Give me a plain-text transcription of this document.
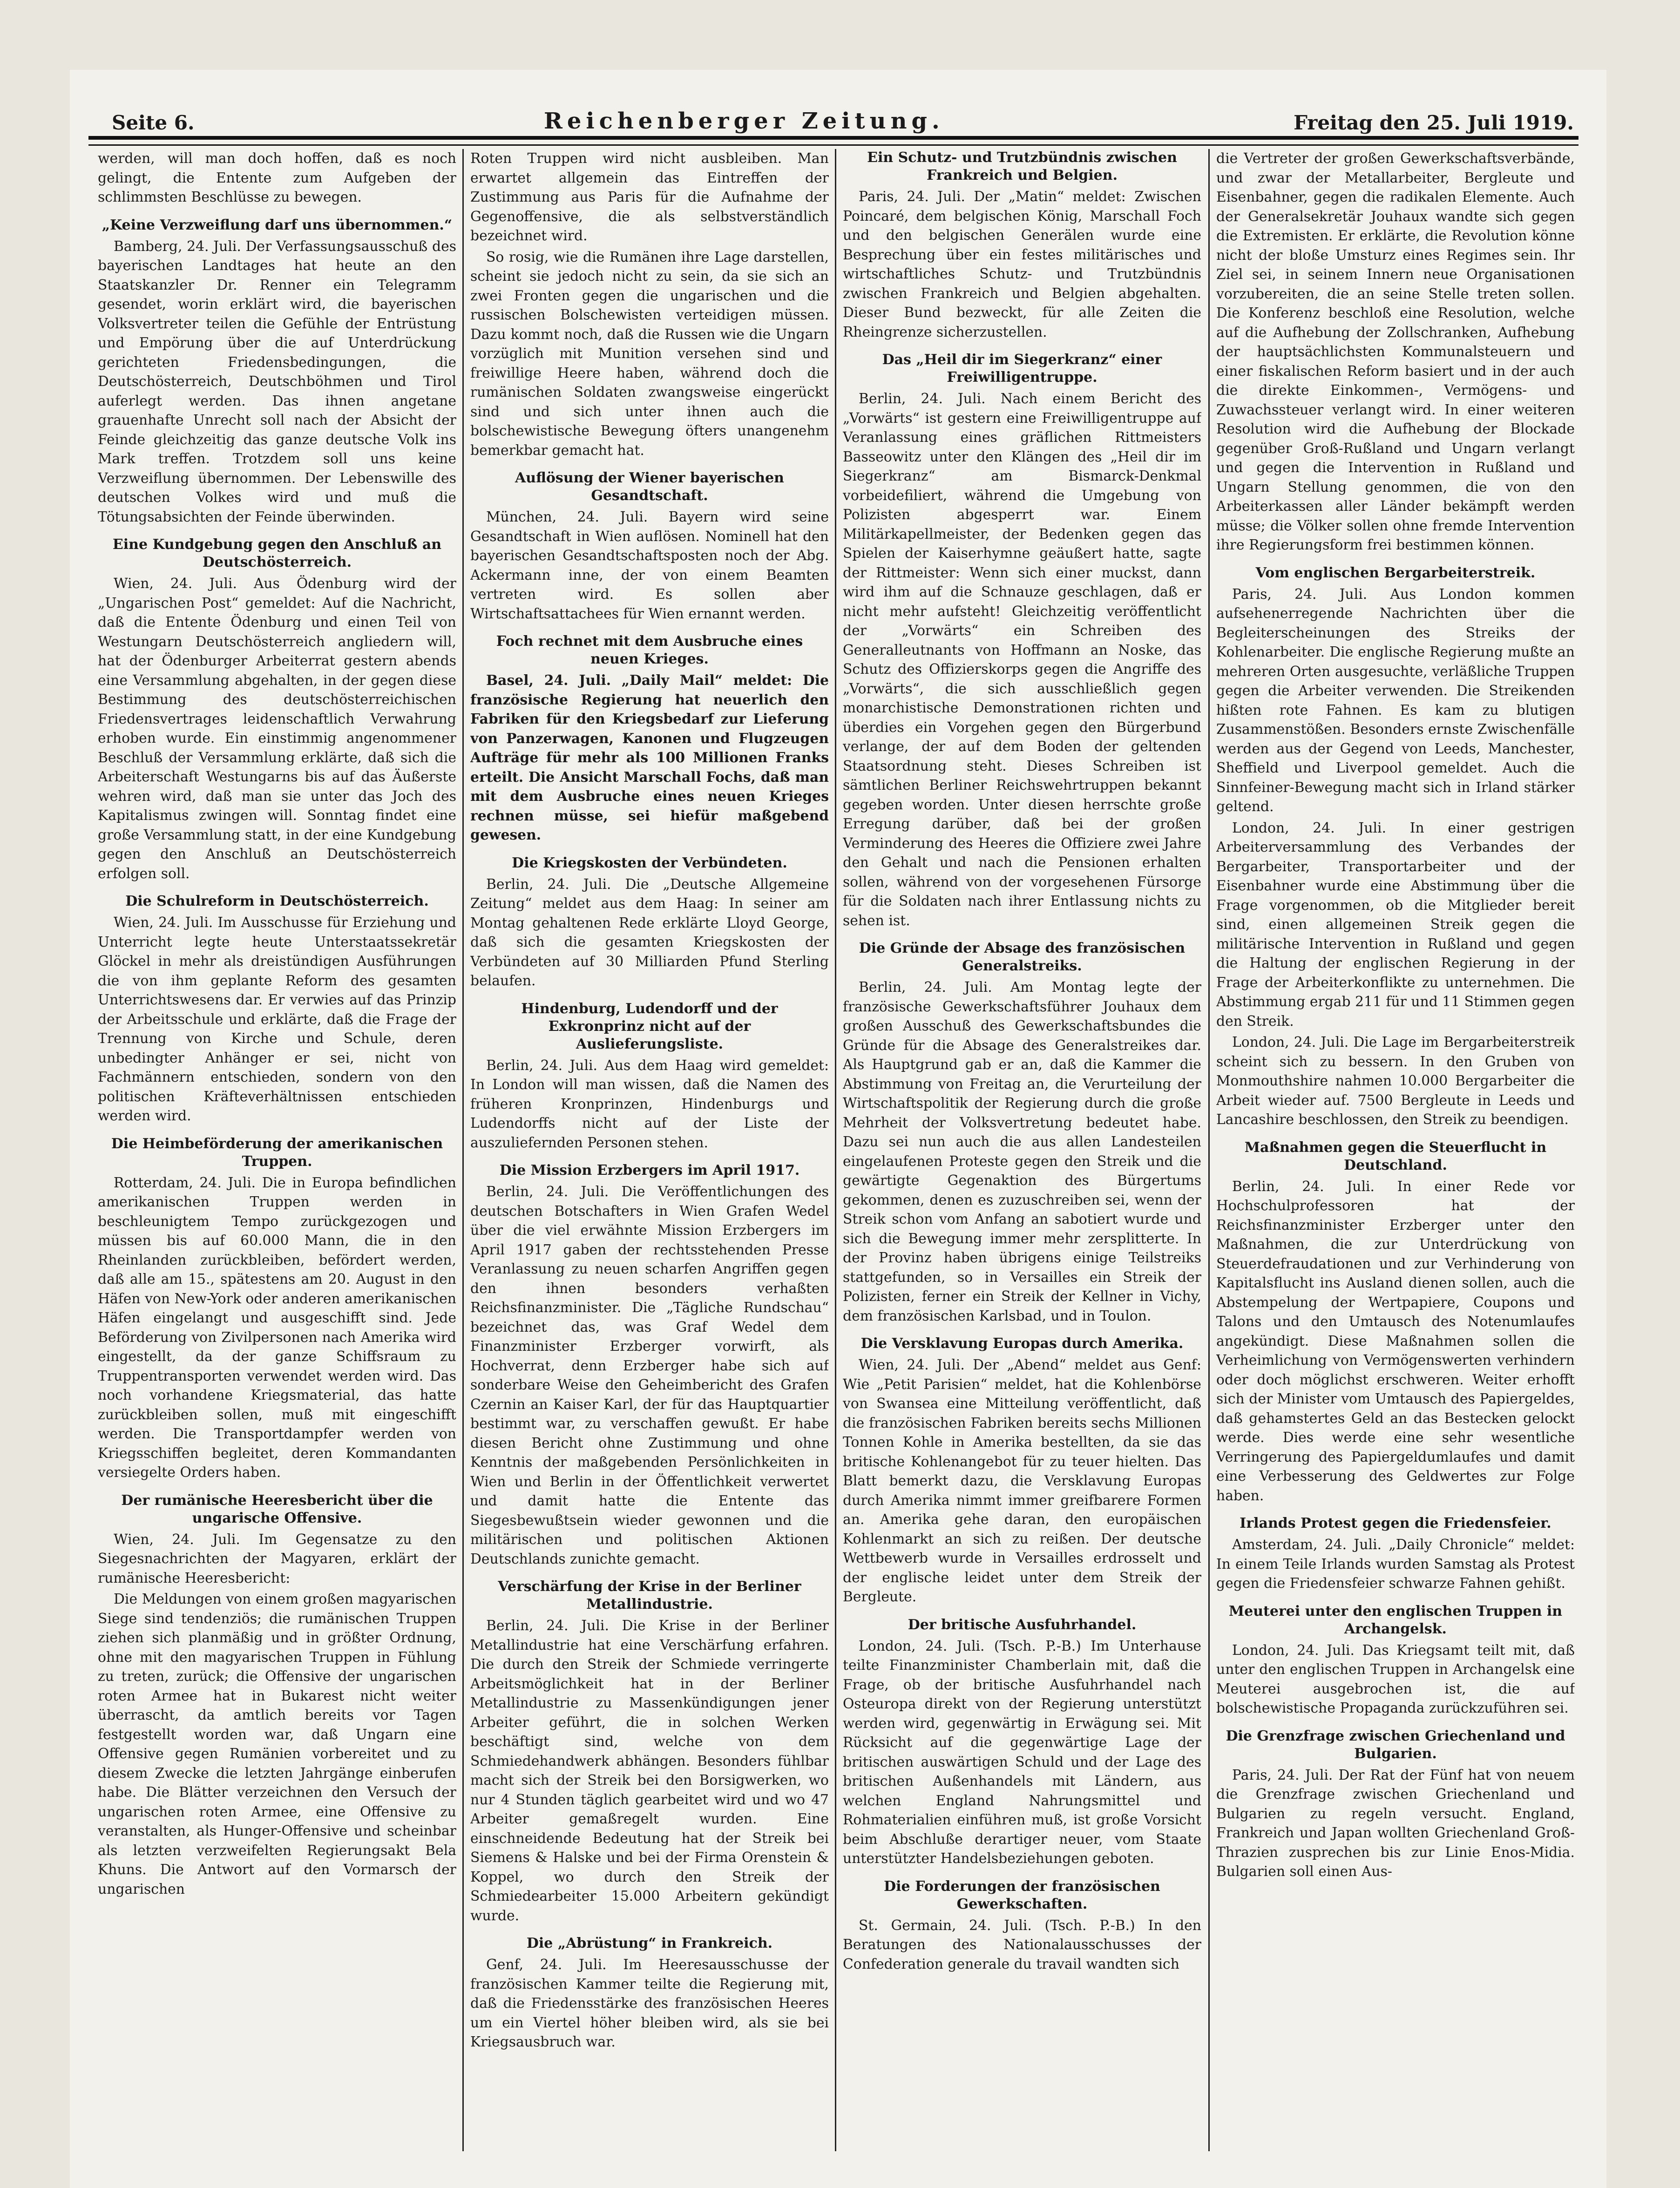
Seite 6.	Reichenberger Zeitung.	Freitag den 25. Juli 1919.

werden, will man doch hoffen, daß es noch gelingt, die Entente zum Aufgeben der schlimmsten Beschlüsse zu bewegen.

„Keine Verzweiflung darf uns übernommen.“

Bamberg, 24. Juli. Der Verfassungsausschuß des bayerischen Landtages hat heute an den Staatskanzler Dr. Renner ein Telegramm gesendet, worin erklärt wird, die bayerischen Volksvertreter teilen die Gefühle der Entrüstung und Empörung über die auf Unterdrückung gerichteten Friedensbedingungen, die Deutschösterreich, Deutschböhmen und Tirol auferlegt werden. Das ihnen angetane grauenhafte Unrecht soll nach der Absicht der Feinde gleichzeitig das ganze deutsche Volk ins Mark treffen. Trotzdem soll uns keine Verzweiflung übernommen. Der Lebenswille des deutschen Volkes wird und muß die Tötungsabsichten der Feinde überwinden.

Eine Kundgebung gegen den Anschluß an Deutschösterreich.

Wien, 24. Juli. Aus Ödenburg wird der „Ungarischen Post“ gemeldet: Auf die Nachricht, daß die Entente Ödenburg und einen Teil von Westungarn Deutschösterreich angliedern will, hat der Ödenburger Arbeiterrat gestern abends eine Versammlung abgehalten, in der gegen diese Bestimmung des deutschösterreichischen Friedensvertrages leidenschaftlich Verwahrung erhoben wurde. Ein einstimmig angenommener Beschluß der Versammlung erklärte, daß sich die Arbeiterschaft Westungarns bis auf das Äußerste wehren wird, daß man sie unter das Joch des Kapitalismus zwingen will. Sonntag findet eine große Versammlung statt, in der eine Kundgebung gegen den Anschluß an Deutschösterreich erfolgen soll.

Die Schulreform in Deutschösterreich.

Wien, 24. Juli. Im Ausschusse für Erziehung und Unterricht legte heute Unterstaatssekretär Glöckel in mehr als dreistündigen Ausführungen die von ihm geplante Reform des gesamten Unterrichtswesens dar. Er verwies auf das Prinzip der Arbeitsschule und erklärte, daß die Frage der Trennung von Kirche und Schule, deren unbedingter Anhänger er sei, nicht von Fachmännern entschieden, sondern von den politischen Kräfteverhältnissen entschieden werden wird.

Die Heimbeförderung der amerikanischen Truppen.

Rotterdam, 24. Juli. Die in Europa befindlichen amerikanischen Truppen werden in beschleunigtem Tempo zurückgezogen und müssen bis auf 60.000 Mann, die in den Rheinlanden zurückbleiben, befördert werden, daß alle am 15., spätestens am 20. August in den Häfen von New-York oder anderen amerikanischen Häfen eingelangt und ausgeschifft sind. Jede Beförderung von Zivilpersonen nach Amerika wird eingestellt, da der ganze Schiffsraum zu Truppentransporten verwendet werden wird. Das noch vorhandene Kriegsmaterial, das hatte zurückbleiben sollen, muß mit eingeschifft werden. Die Transportdampfer werden von Kriegsschiffen begleitet, deren Kommandanten versiegelte Orders haben.

Der rumänische Heeresbericht über die ungarische Offensive.

Wien, 24. Juli. Im Gegensatze zu den Siegesnachrichten der Magyaren, erklärt der rumänische Heeresbericht:

Die Meldungen von einem großen magyarischen Siege sind tendenziös; die rumänischen Truppen ziehen sich planmäßig und in größter Ordnung, ohne mit den magyarischen Truppen in Fühlung zu treten, zurück; die Offensive der ungarischen roten Armee hat in Bukarest nicht weiter überrascht, da amtlich bereits vor Tagen festgestellt worden war, daß Ungarn eine Offensive gegen Rumänien vorbereitet und zu diesem Zwecke die letzten Jahrgänge einberufen habe. Die Blätter verzeichnen den Versuch der ungarischen roten Armee, eine Offensive zu veranstalten, als Hunger-Offensive und scheinbar als letzten verzweifelten Regierungsakt Bela Khuns. Die Antwort auf den Vormarsch der ungarischen

Roten Truppen wird nicht ausbleiben. Man erwartet allgemein das Eintreffen der Zustimmung aus Paris für die Aufnahme der Gegenoffensive, die als selbstverständlich bezeichnet wird.

So rosig, wie die Rumänen ihre Lage darstellen, scheint sie jedoch nicht zu sein, da sie sich an zwei Fronten gegen die ungarischen und die russischen Bolschewisten verteidigen müssen. Dazu kommt noch, daß die Russen wie die Ungarn vorzüglich mit Munition versehen sind und freiwillige Heere haben, während doch die rumänischen Soldaten zwangsweise eingerückt sind und sich unter ihnen auch die bolschewistische Bewegung öfters unangenehm bemerkbar gemacht hat.

Auflösung der Wiener bayerischen Gesandtschaft.

München, 24. Juli. Bayern wird seine Gesandtschaft in Wien auflösen. Nominell hat den bayerischen Gesandtschaftsposten noch der Abg. Ackermann inne, der von einem Beamten vertreten wird. Es sollen aber Wirtschaftsattachees für Wien ernannt werden.

Foch rechnet mit dem Ausbruche eines neuen Krieges.

Basel, 24. Juli. „Daily Mail“ meldet: Die französische Regierung hat neuerlich den Fabriken für den Kriegsbedarf zur Lieferung von Panzerwagen, Kanonen und Flugzeugen Aufträge für mehr als 100 Millionen Franks erteilt. Die Ansicht Marschall Fochs, daß man mit dem Ausbruche eines neuen Krieges rechnen müsse, sei hiefür maßgebend gewesen.

Die Kriegskosten der Verbündeten.

Berlin, 24. Juli. Die „Deutsche Allgemeine Zeitung“ meldet aus dem Haag: In seiner am Montag gehaltenen Rede erklärte Lloyd George, daß sich die gesamten Kriegskosten der Verbündeten auf 30 Milliarden Pfund Sterling belaufen.

Hindenburg, Ludendorff und der Exkronprinz nicht auf der Auslieferungsliste.

Berlin, 24. Juli. Aus dem Haag wird gemeldet: In London will man wissen, daß die Namen des früheren Kronprinzen, Hindenburgs und Ludendorffs nicht auf der Liste der auszuliefernden Personen stehen.

Die Mission Erzbergers im April 1917.

Berlin, 24. Juli. Die Veröffentlichungen des deutschen Botschafters in Wien Grafen Wedel über die viel erwähnte Mission Erzbergers im April 1917 gaben der rechtsstehenden Presse Veranlassung zu neuen scharfen Angriffen gegen den ihnen besonders verhaßten Reichsfinanzminister. Die „Tägliche Rundschau“ bezeichnet das, was Graf Wedel dem Finanzminister Erzberger vorwirft, als Hochverrat, denn Erzberger habe sich auf sonderbare Weise den Geheimbericht des Grafen Czernin an Kaiser Karl, der für das Hauptquartier bestimmt war, zu verschaffen gewußt. Er habe diesen Bericht ohne Zustimmung und ohne Kenntnis der maßgebenden Persönlichkeiten in Wien und Berlin in der Öffentlichkeit verwertet und damit hatte die Entente das Siegesbewußtsein wieder gewonnen und die militärischen und politischen Aktionen Deutschlands zunichte gemacht.

Verschärfung der Krise in der Berliner Metallindustrie.

Berlin, 24. Juli. Die Krise in der Berliner Metallindustrie hat eine Verschärfung erfahren. Die durch den Streik der Schmiede verringerte Arbeitsmöglichkeit hat in der Berliner Metallindustrie zu Massenkündigungen jener Arbeiter geführt, die in solchen Werken beschäftigt sind, welche von dem Schmiedehandwerk abhängen. Besonders fühlbar macht sich der Streik bei den Borsigwerken, wo nur 4 Stunden täglich gearbeitet wird und wo 47 Arbeiter gemaßregelt wurden. Eine einschneidende Bedeutung hat der Streik bei Siemens & Halske und bei der Firma Orenstein & Koppel, wo durch den Streik der Schmiedearbeiter 15.000 Arbeitern gekündigt wurde.

Die „Abrüstung“ in Frankreich.

Genf, 24. Juli. Im Heeresausschusse der französischen Kammer teilte die Regierung mit, daß die Friedensstärke des französischen Heeres um ein Viertel höher bleiben wird, als sie bei Kriegsausbruch war.

Ein Schutz- und Trutzbündnis zwischen Frankreich und Belgien.

Paris, 24. Juli. Der „Matin“ meldet: Zwischen Poincaré, dem belgischen König, Marschall Foch und den belgischen Generälen wurde eine Besprechung über ein festes militärisches und wirtschaftliches Schutz- und Trutzbündnis zwischen Frankreich und Belgien abgehalten. Dieser Bund bezweckt, für alle Zeiten die Rheingrenze sicherzustellen.

Das „Heil dir im Siegerkranz“ einer Freiwilligentruppe.

Berlin, 24. Juli. Nach einem Bericht des „Vorwärts“ ist gestern eine Freiwilligentruppe auf Veranlassung eines gräflichen Rittmeisters Basseowitz unter den Klängen des „Heil dir im Siegerkranz“ am Bismarck-Denkmal vorbeidefiliert, während die Umgebung von Polizisten abgesperrt war. Einem Militärkapellmeister, der Bedenken gegen das Spielen der Kaiserhymne geäußert hatte, sagte der Rittmeister: Wenn sich einer muckst, dann wird ihm auf die Schnauze geschlagen, daß er nicht mehr aufsteht! Gleichzeitig veröffentlicht der „Vorwärts“ ein Schreiben des Generalleutnants von Hoffmann an Noske, das Schutz des Offizierskorps gegen die Angriffe des „Vorwärts“, die sich ausschließlich gegen monarchistische Demonstrationen richten und überdies ein Vorgehen gegen den Bürgerbund verlange, der auf dem Boden der geltenden Staatsordnung steht. Dieses Schreiben ist sämtlichen Berliner Reichswehrtruppen bekannt gegeben worden. Unter diesen herrschte große Erregung darüber, daß bei der großen Verminderung des Heeres die Offiziere zwei Jahre den Gehalt und nach die Pensionen erhalten sollen, während von der vorgesehenen Fürsorge für die Soldaten nach ihrer Entlassung nichts zu sehen ist.

Die Gründe der Absage des französischen Generalstreiks.

Berlin, 24. Juli. Am Montag legte der französische Gewerkschaftsführer Jouhaux dem großen Ausschuß des Gewerkschaftsbundes die Gründe für die Absage des Generalstreikes dar. Als Hauptgrund gab er an, daß die Kammer die Abstimmung von Freitag an, die Verurteilung der Wirtschaftspolitik der Regierung durch die große Mehrheit der Volksvertretung bedeutet habe. Dazu sei nun auch die aus allen Landesteilen eingelaufenen Proteste gegen den Streik und die gewärtigte Gegenaktion des Bürgertums gekommen, denen es zuzuschreiben sei, wenn der Streik schon vom Anfang an sabotiert wurde und sich die Bewegung immer mehr zersplitterte. In der Provinz haben übrigens einige Teilstreiks stattgefunden, so in Versailles ein Streik der Polizisten, ferner ein Streik der Kellner in Vichy, dem französischen Karlsbad, und in Toulon.

Die Versklavung Europas durch Amerika.

Wien, 24. Juli. Der „Abend“ meldet aus Genf: Wie „Petit Parisien“ meldet, hat die Kohlenbörse von Swansea eine Mitteilung veröffentlicht, daß die französischen Fabriken bereits sechs Millionen Tonnen Kohle in Amerika bestellten, da sie das britische Kohlenangebot für zu teuer hielten. Das Blatt bemerkt dazu, die Versklavung Europas durch Amerika nimmt immer greifbarere Formen an. Amerika gehe daran, den europäischen Kohlenmarkt an sich zu reißen. Der deutsche Wettbewerb wurde in Versailles erdrosselt und der englische leidet unter dem Streik der Bergleute.

Der britische Ausfuhrhandel.

London, 24. Juli. (Tsch. P.-B.) Im Unterhause teilte Finanzminister Chamberlain mit, daß die Frage, ob der britische Ausfuhrhandel nach Osteuropa direkt von der Regierung unterstützt werden wird, gegenwärtig in Erwägung sei. Mit Rücksicht auf die gegenwärtige Lage der britischen auswärtigen Schuld und der Lage des britischen Außenhandels mit Ländern, aus welchen England Nahrungsmittel und Rohmaterialien einführen muß, ist große Vorsicht beim Abschluße derartiger neuer, vom Staate unterstützter Handelsbeziehungen geboten.

Die Forderungen der französischen Gewerkschaften.

St. Germain, 24. Juli. (Tsch. P.-B.) In den Beratungen des Nationalausschusses der Confederation generale du travail wandten sich

die Vertreter der großen Gewerkschaftsverbände, und zwar der Metallarbeiter, Bergleute und Eisenbahner, gegen die radikalen Elemente. Auch der Generalsekretär Jouhaux wandte sich gegen die Extremisten. Er erklärte, die Revolution könne nicht der bloße Umsturz eines Regimes sein. Ihr Ziel sei, in seinem Innern neue Organisationen vorzubereiten, die an seine Stelle treten sollen. Die Konferenz beschloß eine Resolution, welche auf die Aufhebung der Zollschranken, Aufhebung der hauptsächlichsten Kommunalsteuern und einer fiskalischen Reform basiert und in der auch die direkte Einkommen-, Vermögens- und Zuwachssteuer verlangt wird. In einer weiteren Resolution wird die Aufhebung der Blockade gegenüber Groß-Rußland und Ungarn verlangt und gegen die Intervention in Rußland und Ungarn Stellung genommen, die von den Arbeiterkassen aller Länder bekämpft werden müsse; die Völker sollen ohne fremde Intervention ihre Regierungsform frei bestimmen können.

Vom englischen Bergarbeiterstreik.

Paris, 24. Juli. Aus London kommen aufsehenerregende Nachrichten über die Begleiterscheinungen des Streiks der Kohlenarbeiter. Die englische Regierung mußte an mehreren Orten ausgesuchte, verläßliche Truppen gegen die Arbeiter verwenden. Die Streikenden hißten rote Fahnen. Es kam zu blutigen Zusammenstößen. Besonders ernste Zwischenfälle werden aus der Gegend von Leeds, Manchester, Sheffield und Liverpool gemeldet. Auch die Sinnfeiner-Bewegung macht sich in Irland stärker geltend.

London, 24. Juli. In einer gestrigen Arbeiterversammlung des Verbandes der Bergarbeiter, Transportarbeiter und der Eisenbahner wurde eine Abstimmung über die Frage vorgenommen, ob die Mitglieder bereit sind, einen allgemeinen Streik gegen die militärische Intervention in Rußland und gegen die Haltung der englischen Regierung in der Frage der Arbeiterkonflikte zu unternehmen. Die Abstimmung ergab 211 für und 11 Stimmen gegen den Streik.

London, 24. Juli. Die Lage im Bergarbeiterstreik scheint sich zu bessern. In den Gruben von Monmouthshire nahmen 10.000 Bergarbeiter die Arbeit wieder auf. 7500 Bergleute in Leeds und Lancashire beschlossen, den Streik zu beendigen.

Maßnahmen gegen die Steuerflucht in Deutschland.

Berlin, 24. Juli. In einer Rede vor Hochschulprofessoren hat der Reichsfinanzminister Erzberger unter den Maßnahmen, die zur Unterdrückung von Steuerdefraudationen und zur Verhinderung von Kapitalsflucht ins Ausland dienen sollen, auch die Abstempelung der Wertpapiere, Coupons und Talons und den Umtausch des Notenumlaufes angekündigt. Diese Maßnahmen sollen die Verheimlichung von Vermögenswerten verhindern oder doch möglichst erschweren. Weiter erhofft sich der Minister vom Umtausch des Papiergeldes, daß gehamstertes Geld an das Bestecken gelockt werde. Dies werde eine sehr wesentliche Verringerung des Papiergeldumlaufes und damit eine Verbesserung des Geldwertes zur Folge haben.

Irlands Protest gegen die Friedensfeier.

Amsterdam, 24. Juli. „Daily Chronicle“ meldet: In einem Teile Irlands wurden Samstag als Protest gegen die Friedensfeier schwarze Fahnen gehißt.

Meuterei unter den englischen Truppen in Archangelsk.

London, 24. Juli. Das Kriegsamt teilt mit, daß unter den englischen Truppen in Archangelsk eine Meuterei ausgebrochen ist, die auf bolschewistische Propaganda zurückzuführen sei.

Die Grenzfrage zwischen Griechenland und Bulgarien.

Paris, 24. Juli. Der Rat der Fünf hat von neuem die Grenzfrage zwischen Griechenland und Bulgarien zu regeln versucht. England, Frankreich und Japan wollten Griechenland Groß-Thrazien zusprechen bis zur Linie Enos-Midia. Bulgarien soll einen Aus-
